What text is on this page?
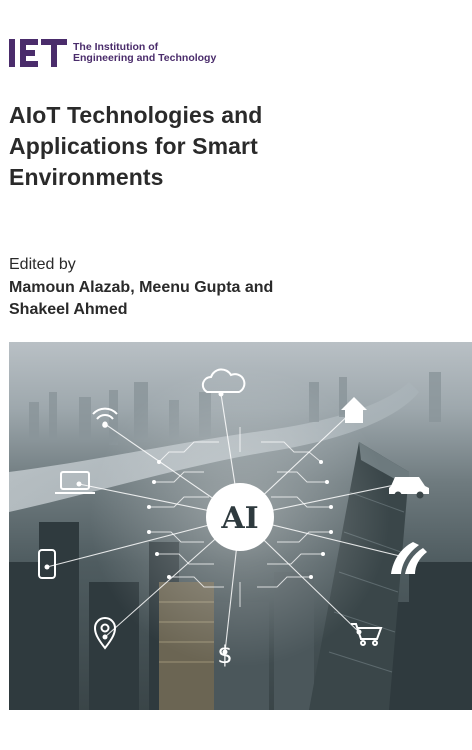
The Institution of
Engineering and Technology
AIoT Technologies and
Applications for Smart
Environments
Edited by
Mamoun Alazab, Meenu Gupta and
Shakeel Ahmed
AI
$
